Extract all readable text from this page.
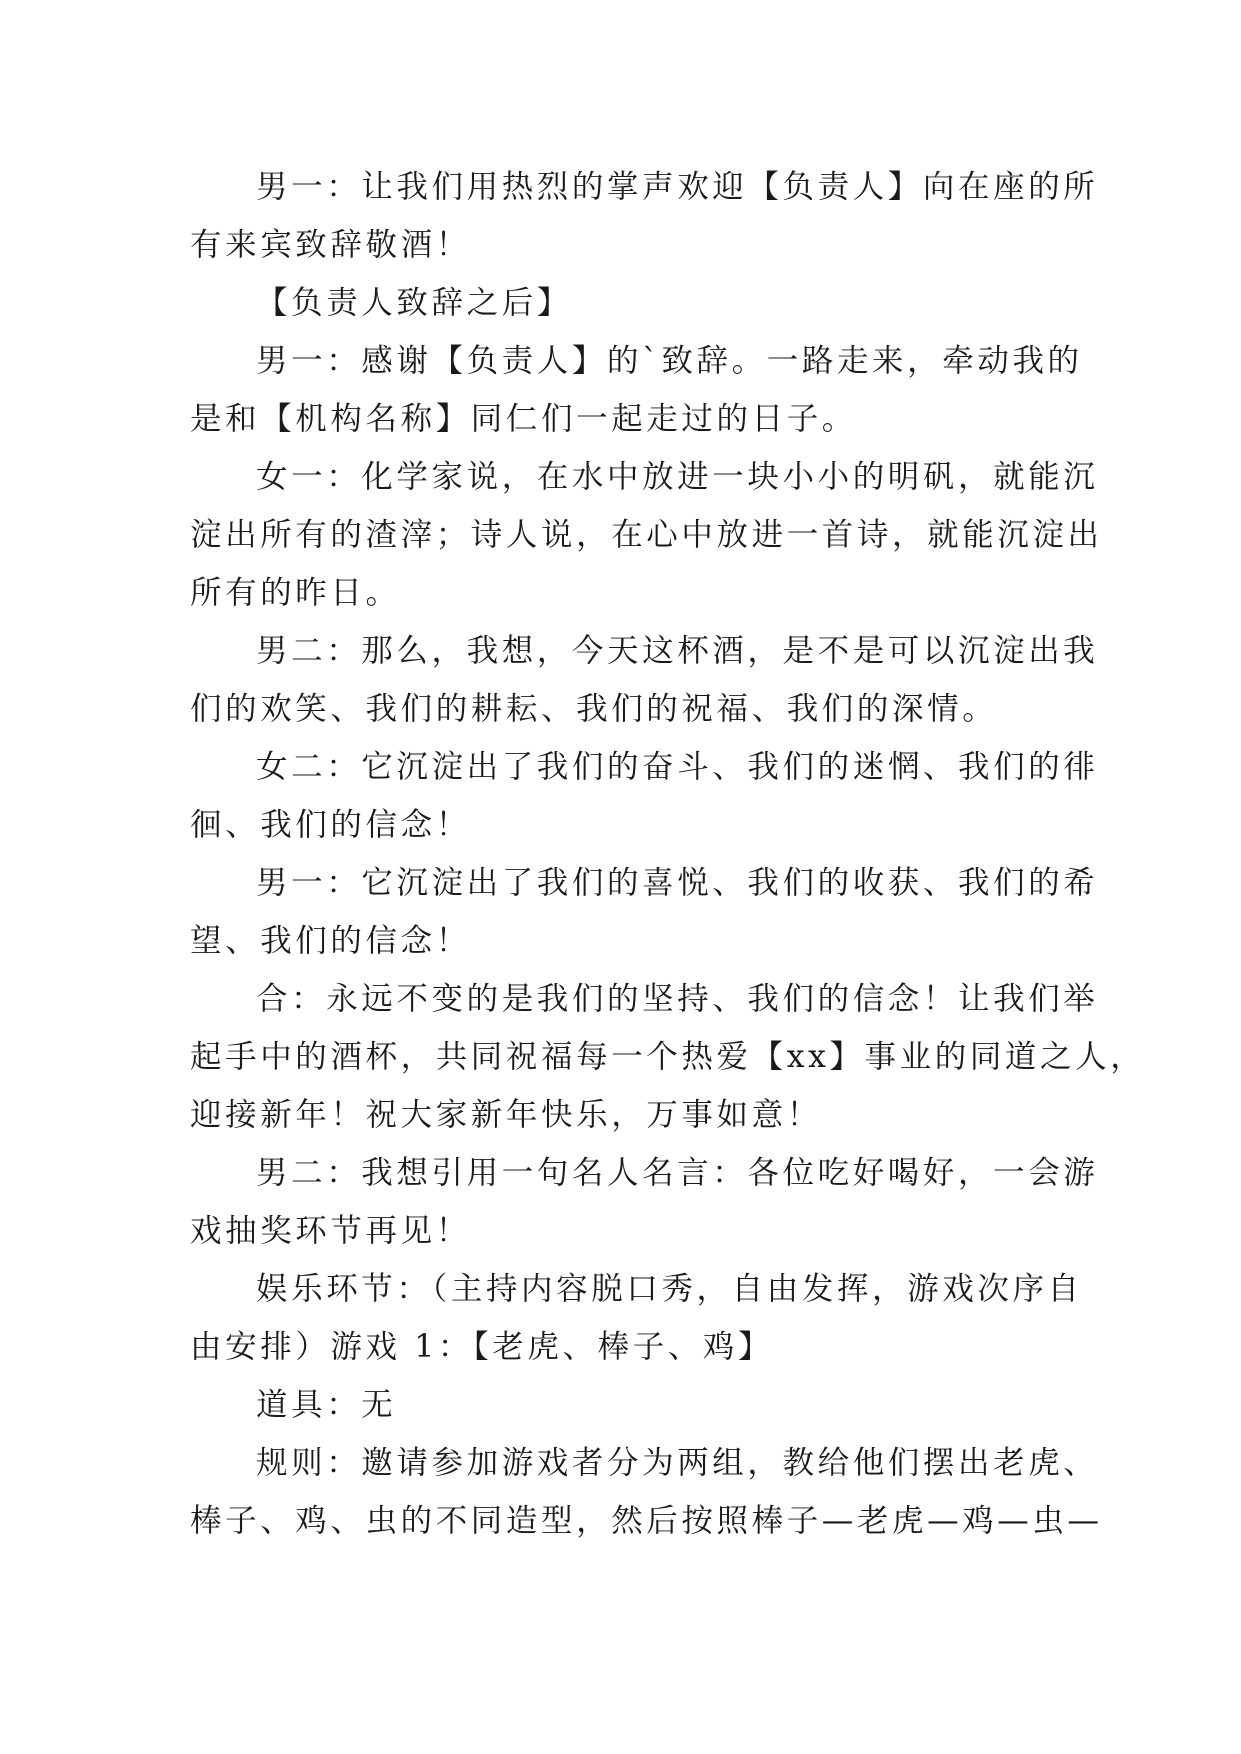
男一：让我们用热烈的掌声欢迎【负责人】向在座的所
有来宾致辞敬酒！
【负责人致辞之后】
男一：感谢【负责人】的`致辞。一路走来，牵动我的
是和【机构名称】同仁们一起走过的日子。
女一：化学家说，在水中放进一块小小的明矾，就能沉
淀出所有的渣滓；诗人说，在心中放进一首诗，就能沉淀出
所有的昨日。
男二：那么，我想，今天这杯酒，是不是可以沉淀出我
们的欢笑、我们的耕耘、我们的祝福、我们的深情。
女二：它沉淀出了我们的奋斗、我们的迷惘、我们的徘
徊、我们的信念！
男一：它沉淀出了我们的喜悦、我们的收获、我们的希
望、我们的信念！
合：永远不变的是我们的坚持、我们的信念！让我们举
起手中的酒杯，共同祝福每一个热爱【xx】事业的同道之人，
迎接新年！祝大家新年快乐，万事如意！
男二：我想引用一句名人名言：各位吃好喝好，一会游
戏抽奖环节再见！
娱乐环节：（主持内容脱口秀，自由发挥，游戏次序自
由安排）游戏 1：【老虎、棒子、鸡】
道具：无
规则：邀请参加游戏者分为两组，教给他们摆出老虎、
棒子、鸡、虫的不同造型，然后按照棒子—老虎—鸡—虫—
